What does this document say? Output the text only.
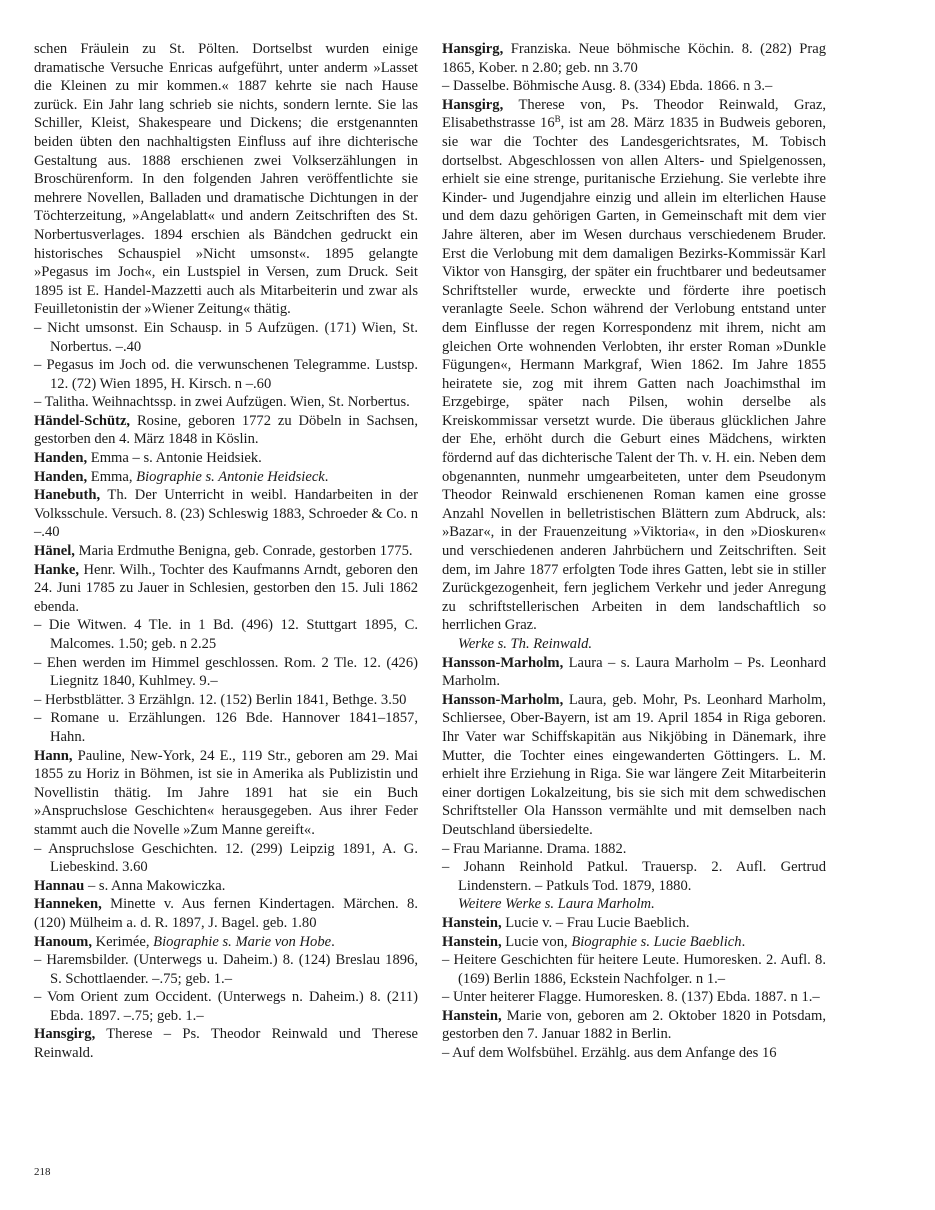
schen Fräulein zu St. Pölten. Dortselbst wurden einige dramatische Versuche Enricas aufgeführt, unter anderm »Lasset die Kleinen zu mir kommen.« 1887 kehrte sie nach Hause zurück. Ein Jahr lang schrieb sie nichts, sondern lernte. Sie las Schiller, Kleist, Shakespeare und Dickens; die erstgenannten beiden übten den nachhaltigsten Einfluss auf ihre dichterische Gestaltung aus. 1888 erschienen zwei Volkserzählungen in Broschürenform. In den folgenden Jahren veröffentlichte sie mehrere Novellen, Balladen und dramatische Dichtungen in der Töchterzeitung, »Angelablatt« und andern Zeitschriften des St. Norbertusverlages. 1894 erschien als Bändchen gedruckt ein historisches Schauspiel »Nicht umsonst«. 1895 gelangte »Pegasus im Joch«, ein Lustspiel in Versen, zum Druck. Seit 1895 ist E. Handel-Mazzetti auch als Mitarbeiterin und zwar als Feuilletonistin der »Wiener Zeitung« thätig.

– Nicht umsonst. Ein Schausp. in 5 Aufzügen. (171) Wien, St. Norbertus. –.40

– Pegasus im Joch od. die verwunschenen Telegramme. Lustsp. 12. (72) Wien 1895, H. Kirsch. n –.60

– Talitha. Weihnachtssp. in zwei Aufzügen. Wien, St. Norbertus.

Händel-Schütz, Rosine, geboren 1772 zu Döbeln in Sachsen, gestorben den 4. März 1848 in Köslin.

Handen, Emma – s. Antonie Heidsiek.

Handen, Emma, Biographie s. Antonie Heidsieck.

Hanebuth, Th. Der Unterricht in weibl. Handarbeiten in der Volksschule. Versuch. 8. (23) Schleswig 1883, Schroeder & Co. n –.40

Hänel, Maria Erdmuthe Benigna, geb. Conrade, gestorben 1775.

Hanke, Henr. Wilh., Tochter des Kaufmanns Arndt, geboren den 24. Juni 1785 zu Jauer in Schlesien, gestorben den 15. Juli 1862 ebenda.

– Die Witwen. 4 Tle. in 1 Bd. (496) 12. Stuttgart 1895, C. Malcomes. 1.50; geb. n 2.25

– Ehen werden im Himmel geschlossen. Rom. 2 Tle. 12. (426) Liegnitz 1840, Kuhlmey. 9.–

– Herbstblätter. 3 Erzählgn. 12. (152) Berlin 1841, Bethge. 3.50

– Romane u. Erzählungen. 126 Bde. Hannover 1841–1857, Hahn.

Hann, Pauline, New-York, 24 E., 119 Str., geboren am 29. Mai 1855 zu Horiz in Böhmen, ist sie in Amerika als Publizistin und Novellistin thätig. Im Jahre 1891 hat sie ein Buch »Anspruchslose Geschichten« herausgegeben. Aus ihrer Feder stammt auch die Novelle »Zum Manne gereift«.

– Anspruchslose Geschichten. 12. (299) Leipzig 1891, A. G. Liebeskind. 3.60

Hannau – s. Anna Makowiczka.

Hanneken, Minette v. Aus fernen Kindertagen. Märchen. 8. (120) Mülheim a. d. R. 1897, J. Bagel. geb. 1.80

Hanoum, Kerimée, Biographie s. Marie von Hobe.

– Haremsbilder. (Unterwegs u. Daheim.) 8. (124) Breslau 1896, S. Schottlaender. –.75; geb. 1.–

– Vom Orient zum Occident. (Unterwegs n. Daheim.) 8. (211) Ebda. 1897. –.75; geb. 1.–

Hansgirg, Therese – Ps. Theodor Reinwald und Therese Reinwald.

Hansgirg, Franziska. Neue böhmische Köchin. 8. (282) Prag 1865, Kober. n 2.80; geb. nn 3.70

– Dasselbe. Böhmische Ausg. 8. (334) Ebda. 1866. n 3.–

Hansgirg, Therese von, Ps. Theodor Reinwald, Graz, Elisabethstrasse $16^B$, ist am 28. März 1835 in Budweis geboren, sie war die Tochter des Landesgerichtsrates, M. Tobisch dortselbst. Abgeschlossen von allen Alters- und Spielgenossen, erhielt sie eine strenge, puritanische Erziehung. Sie verlebte ihre Kinder- und Jugendjahre einzig und allein im elterlichen Hause und dem dazu gehörigen Garten, in Gemeinschaft mit dem vier Jahre älteren, aber im Wesen durchaus verschiedenem Bruder. Erst die Verlobung mit dem damaligen Bezirks-Kommissär Karl Viktor von Hansgirg, der später ein fruchtbarer und bedeutsamer Schriftsteller wurde, erweckte und förderte ihre poetisch veranlagte Seele. Schon während der Verlobung entstand unter dem Einflusse der regen Korrespondenz mit ihrem, nicht am gleichen Orte wohnenden Verlobten, ihr erster Roman »Dunkle Fügungen«, Hermann Markgraf, Wien 1862. Im Jahre 1855 heiratete sie, zog mit ihrem Gatten nach Joachimsthal im Erzgebirge, später nach Pilsen, wohin derselbe als Kreiskommissar versetzt wurde. Die überaus glücklichen Jahre der Ehe, erhöht durch die Geburt eines Mädchens, wirkten fördernd auf das dichterische Talent der Th. v. H. ein. Neben dem obgenannten, nunmehr umgearbeiteten, unter dem Pseudonym Theodor Reinwald erschienenen Roman kamen eine grosse Anzahl Novellen in belletristischen Blättern zum Abdruck, als: »Bazar«, in der Frauenzeitung »Viktoria«, in den »Dioskuren« und verschiedenen anderen Jahrbüchern und Zeitschriften. Seit dem, im Jahre 1877 erfolgten Tode ihres Gatten, lebt sie in stiller Zurückgezogenheit, fern jeglichem Verkehr und jeder Anregung zu schriftstellerischen Arbeiten in dem landschaftlich so herrlichen Graz.

Werke s. Th. Reinwald.

Hansson-Marholm, Laura – s. Laura Marholm – Ps. Leonhard Marholm.

Hansson-Marholm, Laura, geb. Mohr, Ps. Leonhard Marholm, Schliersee, Ober-Bayern, ist am 19. April 1854 in Riga geboren. Ihr Vater war Schiffskapitän aus Nikjöbing in Dänemark, ihre Mutter, die Tochter eines eingewanderten Göttingers. L. M. erhielt ihre Erziehung in Riga. Sie war längere Zeit Mitarbeiterin einer dortigen Lokalzeitung, bis sie sich mit dem schwedischen Schriftsteller Ola Hansson vermählte und mit demselben nach Deutschland übersiedelte.

– Frau Marianne. Drama. 1882.

– Johann Reinhold Patkul. Trauersp. 2. Aufl. Gertrud Lindenstern. – Patkuls Tod. 1879, 1880.

Weitere Werke s. Laura Marholm.

Hanstein, Lucie v. – Frau Lucie Baeblich.

Hanstein, Lucie von, Biographie s. Lucie Baeblich.

– Heitere Geschichten für heitere Leute. Humoresken. 2. Aufl. 8. (169) Berlin 1886, Eckstein Nachfolger. n 1.–

– Unter heiterer Flagge. Humoresken. 8. (137) Ebda. 1887. n 1.–

Hanstein, Marie von, geboren am 2. Oktober 1820 in Potsdam, gestorben den 7. Januar 1882 in Berlin.

– Auf dem Wolfsbühel. Erzählg. aus dem Anfange des 16

218
